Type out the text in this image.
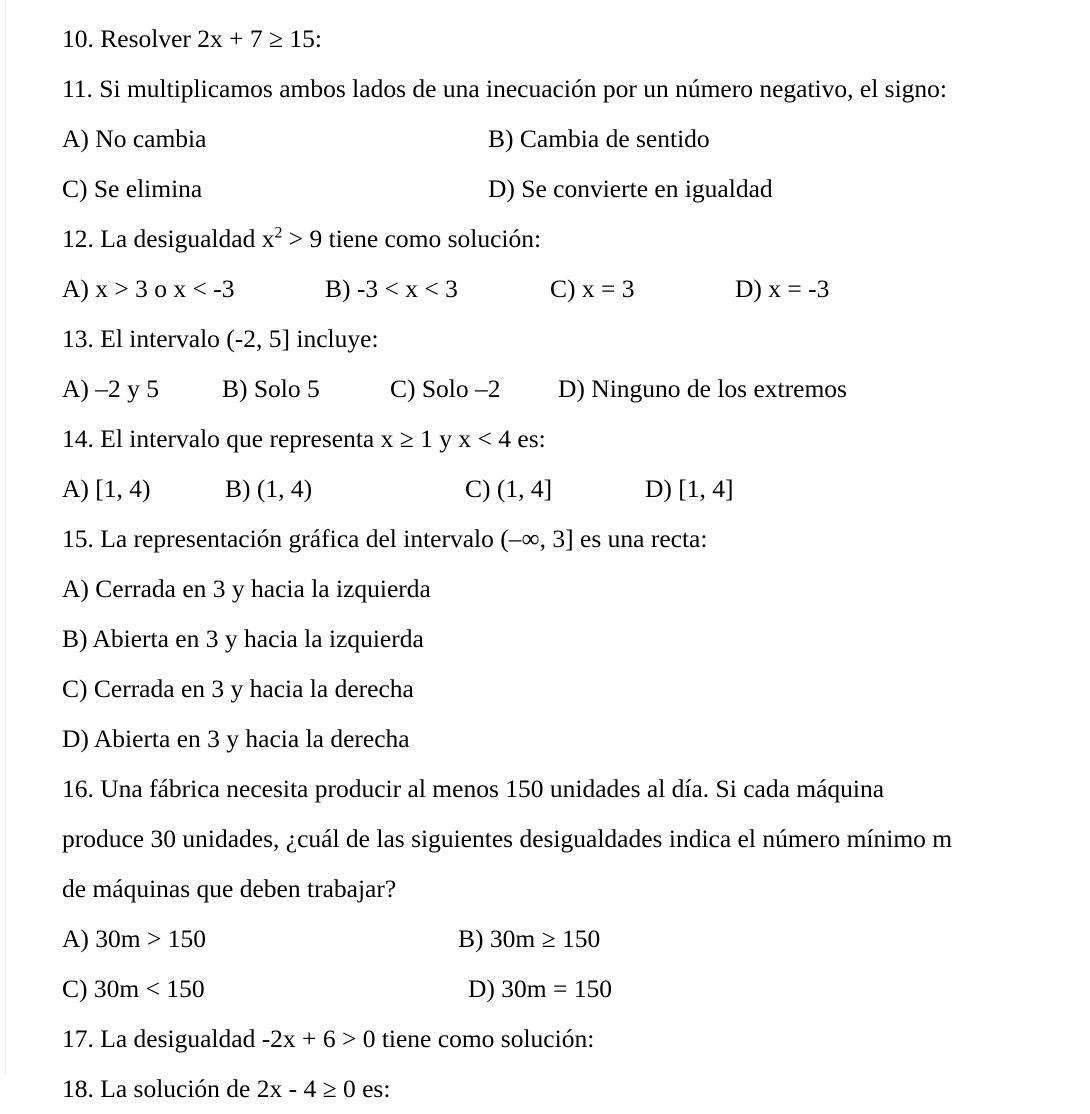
10. Resolver 2x + 7 ≥ 15:
11. Si multiplicamos ambos lados de una inecuación por un número negativo, el signo:
A) No cambia	B) Cambia de sentido
C) Se elimina	D) Se convierte en igualdad
12. La desigualdad $x^2 > 9$ tiene como solución:
A) x > 3 o x < -3	B) -3 < x < 3	C) x = 3	D) x = -3
13. El intervalo (-2, 5] incluye:
A) –2 y 5 B) Solo 5	C) Solo –2 D) Ninguno de los extremos
14. El intervalo que representa x ≥ 1 y x < 4 es:
A) [1, 4)	B) (1, 4)	C) (1, 4]	D) [1, 4]
15. La representación gráfica del intervalo (–∞, 3] es una recta:
A) Cerrada en 3 y hacia la izquierda
B) Abierta en 3 y hacia la izquierda
C) Cerrada en 3 y hacia la derecha
D) Abierta en 3 y hacia la derecha
16. Una fábrica necesita producir al menos 150 unidades al día. Si cada máquina
produce 30 unidades, ¿cuál de las siguientes desigualdades indica el número mínimo m
de máquinas que deben trabajar?
A) 30m > 150	B) 30m ≥ 150
C) 30m < 150	D) 30m = 150
17. La desigualdad -2x + 6 > 0 tiene como solución:
18. La solución de 2x - 4 ≥ 0 es:
